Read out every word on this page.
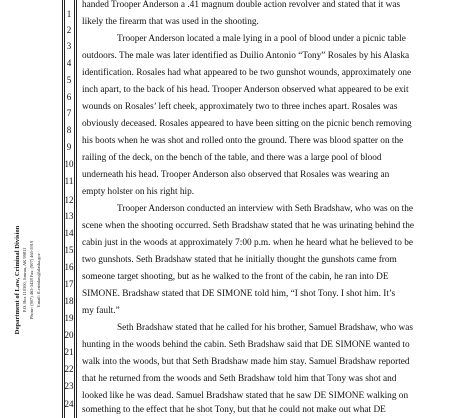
Department of Law, Criminal Division P.O. Box 110300, Juneau, AK 99811 Phone: (907) 465-3428 Fax: (907) 465-5919 Email: fl.crimlaw@alaska.gov
1
2
3
4
5
6
7
8
9
10
11
12
13
14
15
16
17
18
19
20
21
22
23
24
handed Trooper Anderson a .41 magnum double action revolver and stated that it was
likely the firearm that was used in the shooting.
Trooper Anderson located a male lying in a pool of blood under a picnic table
outdoors. The male was later identified as Duilio Antonio “Tony” Rosales by his Alaska
identification. Rosales had what appeared to be two gunshot wounds, approximately one
inch apart, to the back of his head. Trooper Anderson observed what appeared to be exit
wounds on Rosales’ left cheek, approximately two to three inches apart. Rosales was
obviously deceased. Rosales appeared to have been sitting on the picnic bench removing
his boots when he was shot and rolled onto the ground. There was blood spatter on the
railing of the deck, on the bench of the table, and there was a large pool of blood
underneath his head. Trooper Anderson also observed that Rosales was wearing an
empty holster on his right hip.
Trooper Anderson conducted an interview with Seth Bradshaw, who was on the
scene when the shooting occurred. Seth Bradshaw stated that he was urinating behind the
cabin just in the woods at approximately 7:00 p.m. when he heard what he believed to be
two gunshots. Seth Bradshaw stated that he initially thought the gunshots came from
someone target shooting, but as he walked to the front of the cabin, he ran into DE
SIMONE. Bradshaw stated that DE SIMONE told him, “I shot Tony. I shot him. It’s
my fault.”
Seth Bradshaw stated that he called for his brother, Samuel Bradshaw, who was
hunting in the woods behind the cabin. Seth Bradshaw said that DE SIMONE wanted to
walk into the woods, but that Seth Bradshaw made him stay. Samuel Bradshaw reported
that he returned from the woods and Seth Bradshaw told him that Tony was shot and
looked like he was dead. Samuel Bradshaw stated that he saw DE SIMONE walking on
something to the effect that he shot Tony, but that he could not make out what DE
